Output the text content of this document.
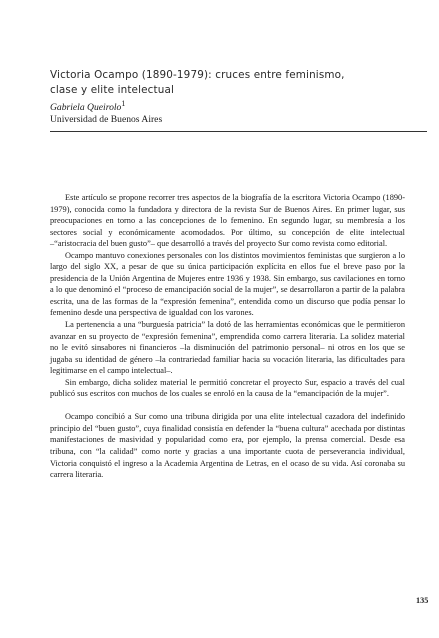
Victoria Ocampo (1890-1979): cruces entre feminismo,
clase y elite intelectual
Gabriela Queirolo$^1$
Universidad de Buenos Aires

Este artículo se propone recorrer tres aspectos de la biografía de la escritora Victoria Ocampo (1890-1979), conocida como la fundadora y directora de la revista Sur de Buenos Aires. En primer lugar, sus preocupaciones en torno a las concepciones de lo femenino. En segundo lugar, su membresía a los sectores social y económicamente acomodados. Por último, su concepción de elite intelectual –“aristocracia del buen gusto”– que desarrolló a través del proyecto Sur como revista como editorial.

Ocampo mantuvo conexiones personales con los distintos movimientos feministas que surgieron a lo largo del siglo XX, a pesar de que su única participación explícita en ellos fue el breve paso por la presidencia de la Unión Argentina de Mujeres entre 1936 y 1938. Sin embargo, sus cavilaciones en torno a lo que denominó el “proceso de emancipación social de la mujer”, se desarrollaron a partir de la palabra escrita, una de las formas de la “expresión femenina”, entendida como un discurso que podía pensar lo femenino desde una perspectiva de igualdad con los varones.

La pertenencia a una “burguesía patricia” la dotó de las herramientas económicas que le permitieron avanzar en su proyecto de “expresión femenina”, emprendida como carrera literaria. La solidez material no le evitó sinsabores ni financieros –la disminución del patrimonio personal– ni otros en los que se jugaba su identidad de género –la contrariedad familiar hacia su vocación literaria, las dificultades para legitimarse en el campo intelectual–.

Sin embargo, dicha solidez material le permitió concretar el proyecto Sur, espacio a través del cual publicó sus escritos con muchos de los cuales se enroló en la causa de la “emancipación de la mujer”.

Ocampo concibió a Sur como una tribuna dirigida por una elite intelectual cazadora del indefinido principio del “buen gusto”, cuya finalidad consistía en defender la “buena cultura” acechada por distintas manifestaciones de masividad y popularidad como era, por ejemplo, la prensa comercial. Desde esa tribuna, con “la calidad” como norte y gracias a una importante cuota de perseverancia individual, Victoria conquistó el ingreso a la Academia Argentina de Letras, en el ocaso de su vida. Así coronaba su carrera literaria.

135
